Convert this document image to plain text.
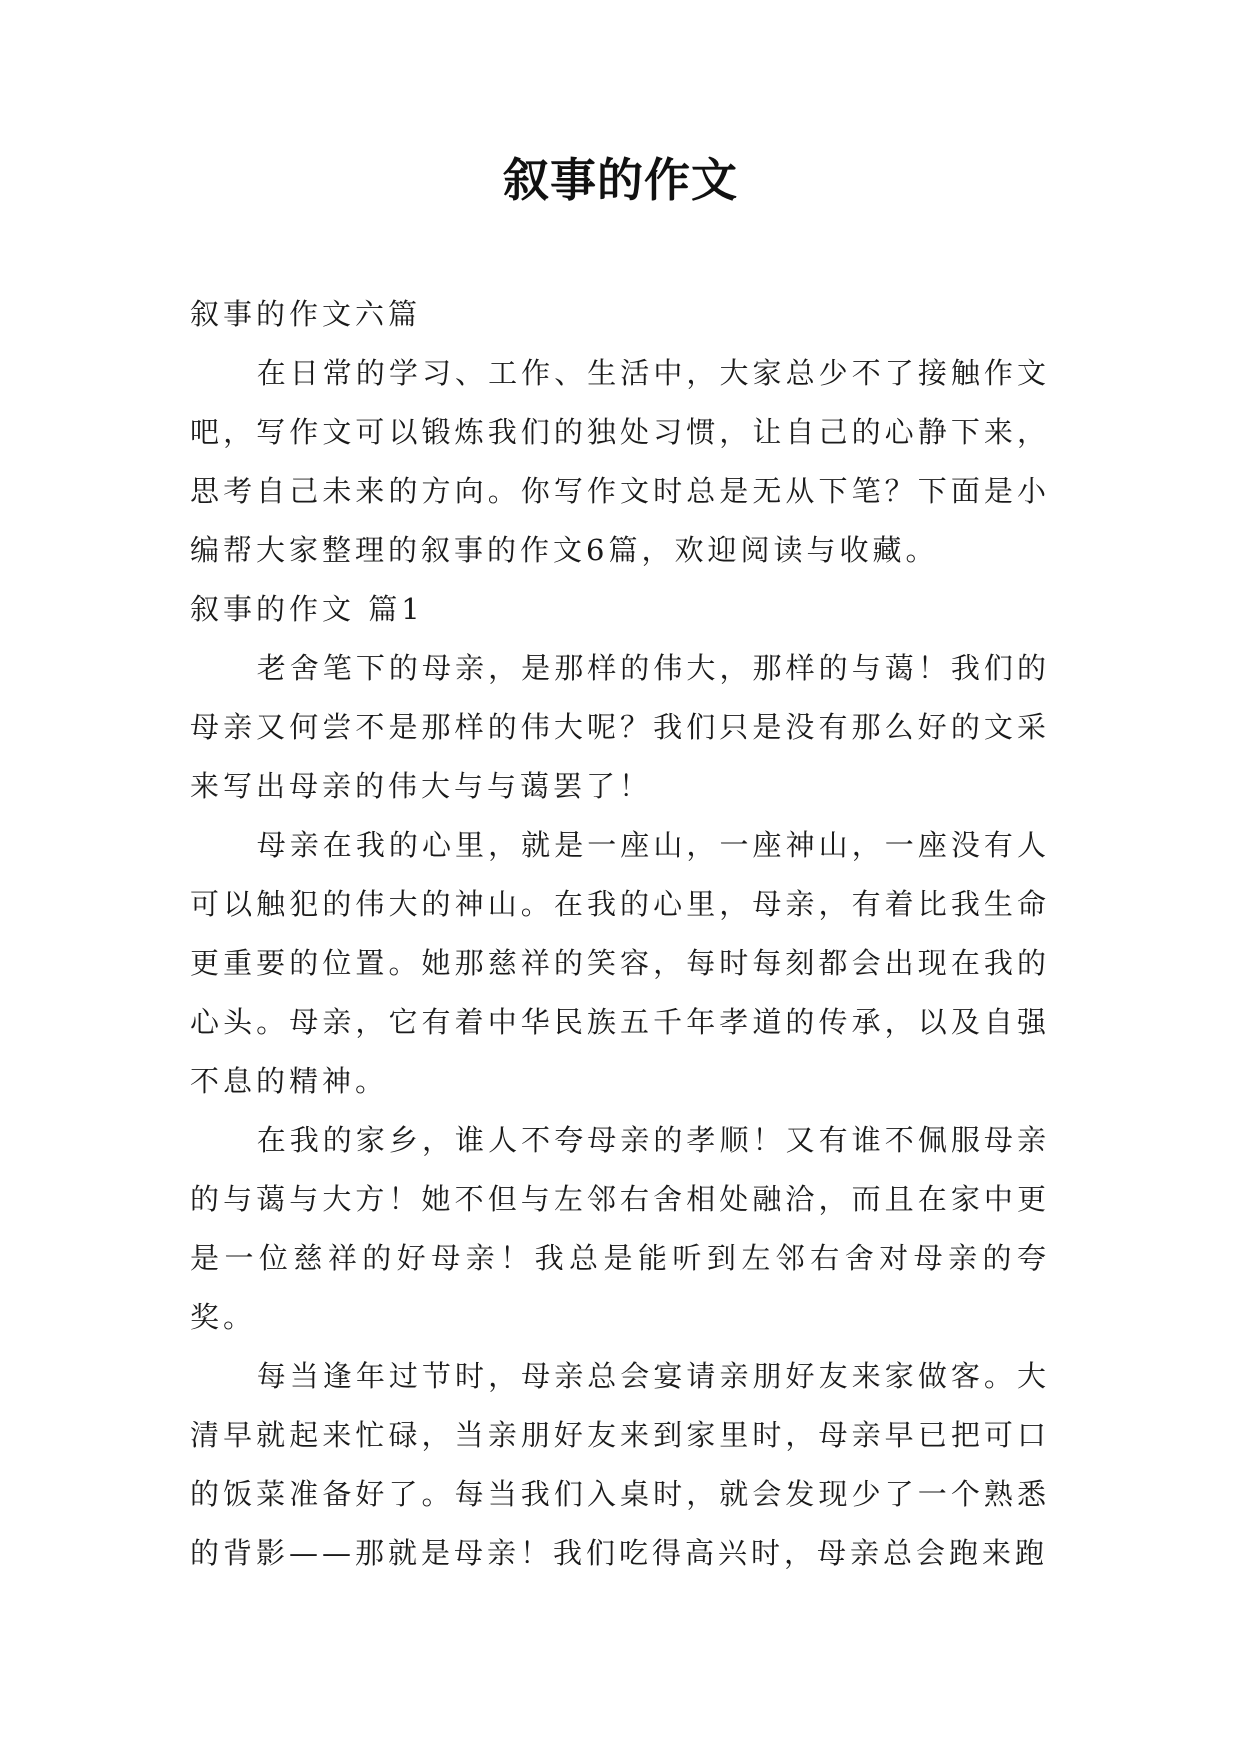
叙事的作文

叙事的作文六篇

在日常的学习、工作、生活中，大家总少不了接触作文吧，写作文可以锻炼我们的独处习惯，让自己的心静下来，思考自己未来的方向。你写作文时总是无从下笔？下面是小编帮大家整理的叙事的作文6篇，欢迎阅读与收藏。

叙事的作文 篇1

老舍笔下的母亲，是那样的伟大，那样的与蔼！我们的母亲又何尝不是那样的伟大呢？我们只是没有那么好的文采来写出母亲的伟大与与蔼罢了！

母亲在我的心里，就是一座山，一座神山，一座没有人可以触犯的伟大的神山。在我的心里，母亲，有着比我生命更重要的位置。她那慈祥的笑容，每时每刻都会出现在我的心头。母亲，它有着中华民族五千年孝道的传承，以及自强不息的精神。

在我的家乡，谁人不夸母亲的孝顺！又有谁不佩服母亲的与蔼与大方！她不但与左邻右舍相处融洽，而且在家中更是一位慈祥的好母亲！我总是能听到左邻右舍对母亲的夸奖。

每当逢年过节时，母亲总会宴请亲朋好友来家做客。大清早就起来忙碌，当亲朋好友来到家里时，母亲早已把可口的饭菜准备好了。每当我们入桌时，就会发现少了一个熟悉的背影——那就是母亲！我们吃得高兴时，母亲总会跑来跑
